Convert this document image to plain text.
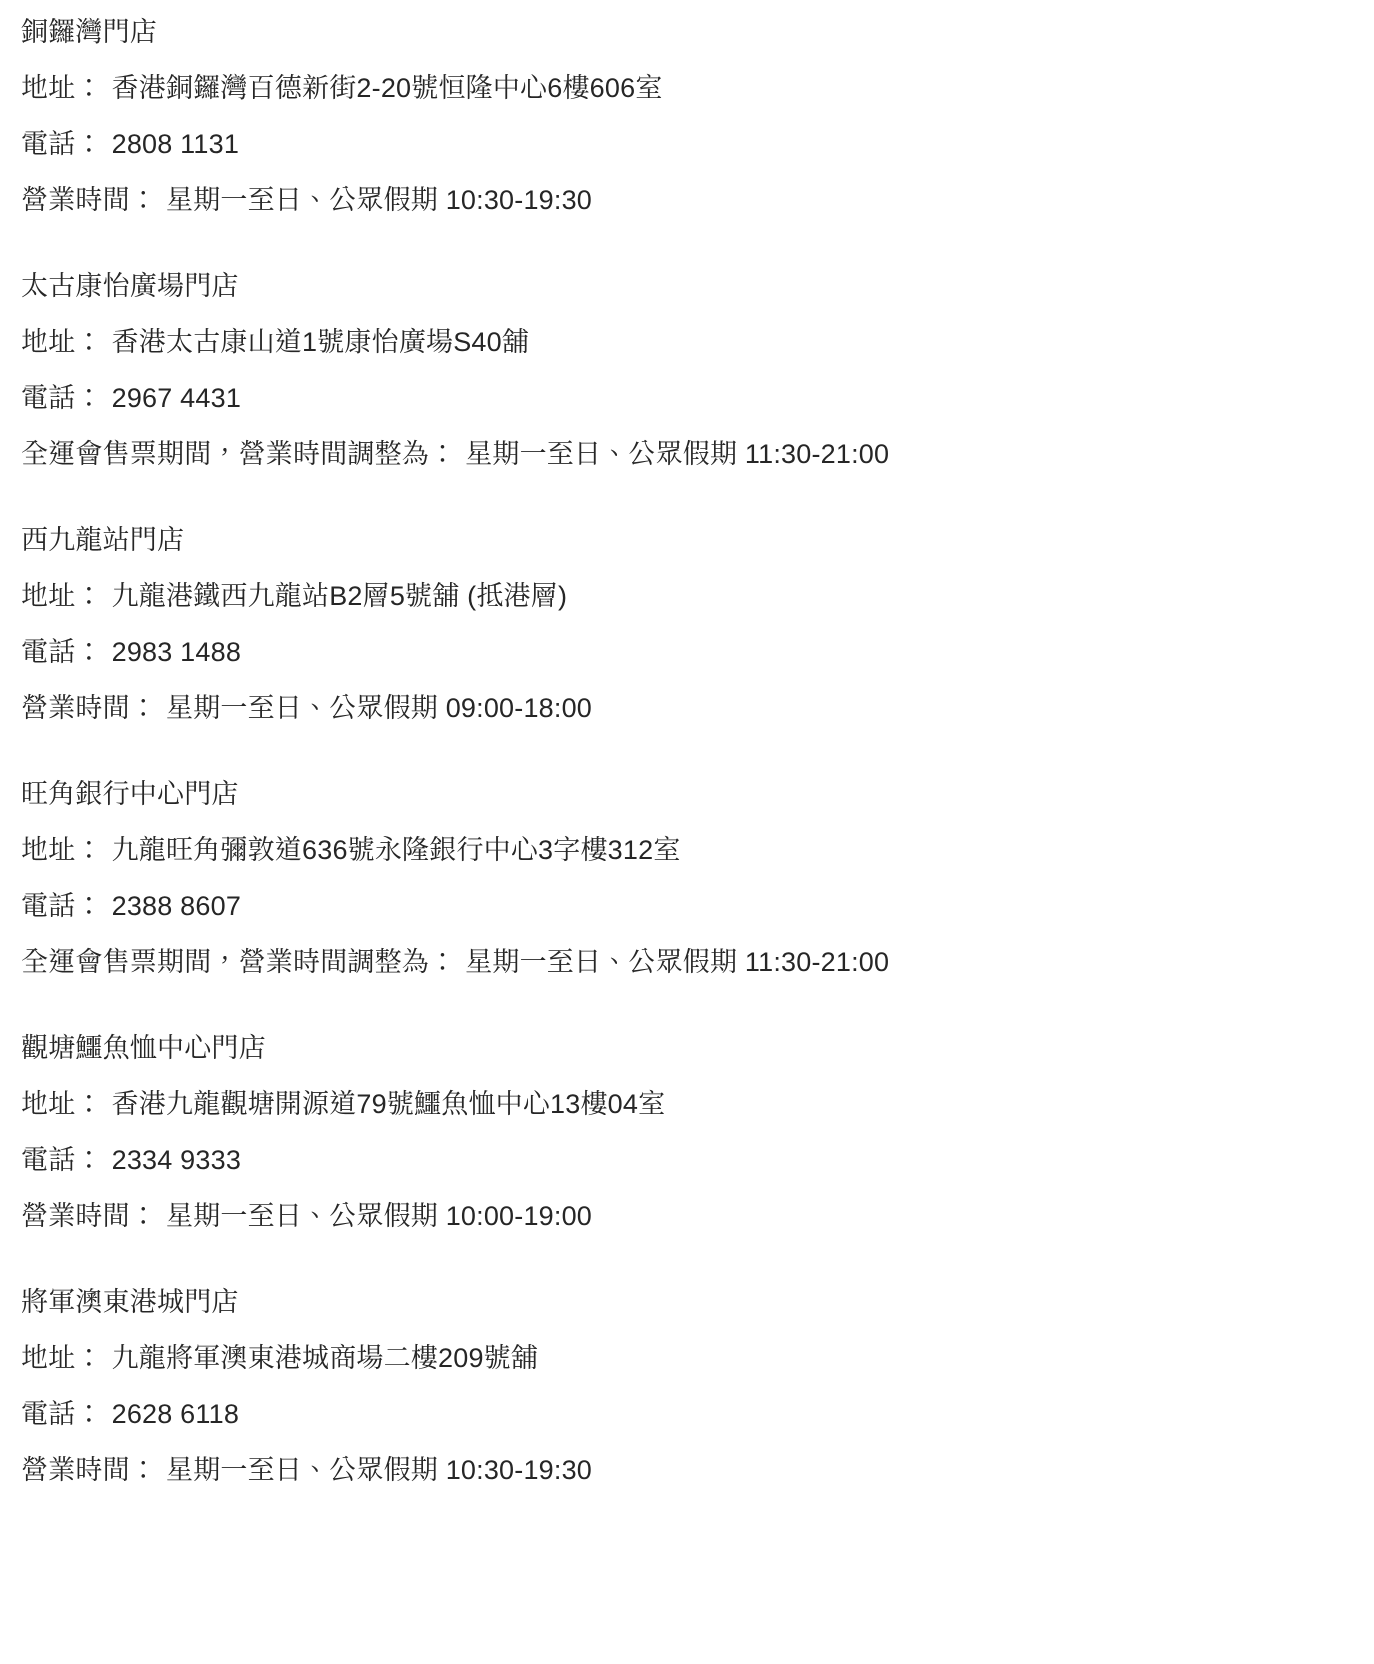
銅鑼灣門店

地址： 香港銅鑼灣百德新街2-20號恒隆中心6樓606室

電話： 2808 1131

營業時間： 星期一至日、公眾假期 10:30-19:30

太古康怡廣場門店

地址： 香港太古康山道1號康怡廣場S40舖

電話： 2967 4431

全運會售票期間，營業時間調整為： 星期一至日、公眾假期 11:30-21:00

西九龍站門店

地址： 九龍港鐵西九龍站B2層5號舖 (抵港層)

電話： 2983 1488

營業時間： 星期一至日、公眾假期 09:00-18:00

旺角銀行中心門店

地址： 九龍旺角彌敦道636號永隆銀行中心3字樓312室

電話： 2388 8607

全運會售票期間，營業時間調整為： 星期一至日、公眾假期 11:30-21:00

觀塘鱷魚恤中心門店

地址： 香港九龍觀塘開源道79號鱷魚恤中心13樓04室

電話： 2334 9333

營業時間： 星期一至日、公眾假期 10:00-19:00

將軍澳東港城門店

地址： 九龍將軍澳東港城商場二樓209號舖

電話： 2628 6118

營業時間： 星期一至日、公眾假期 10:30-19:30
